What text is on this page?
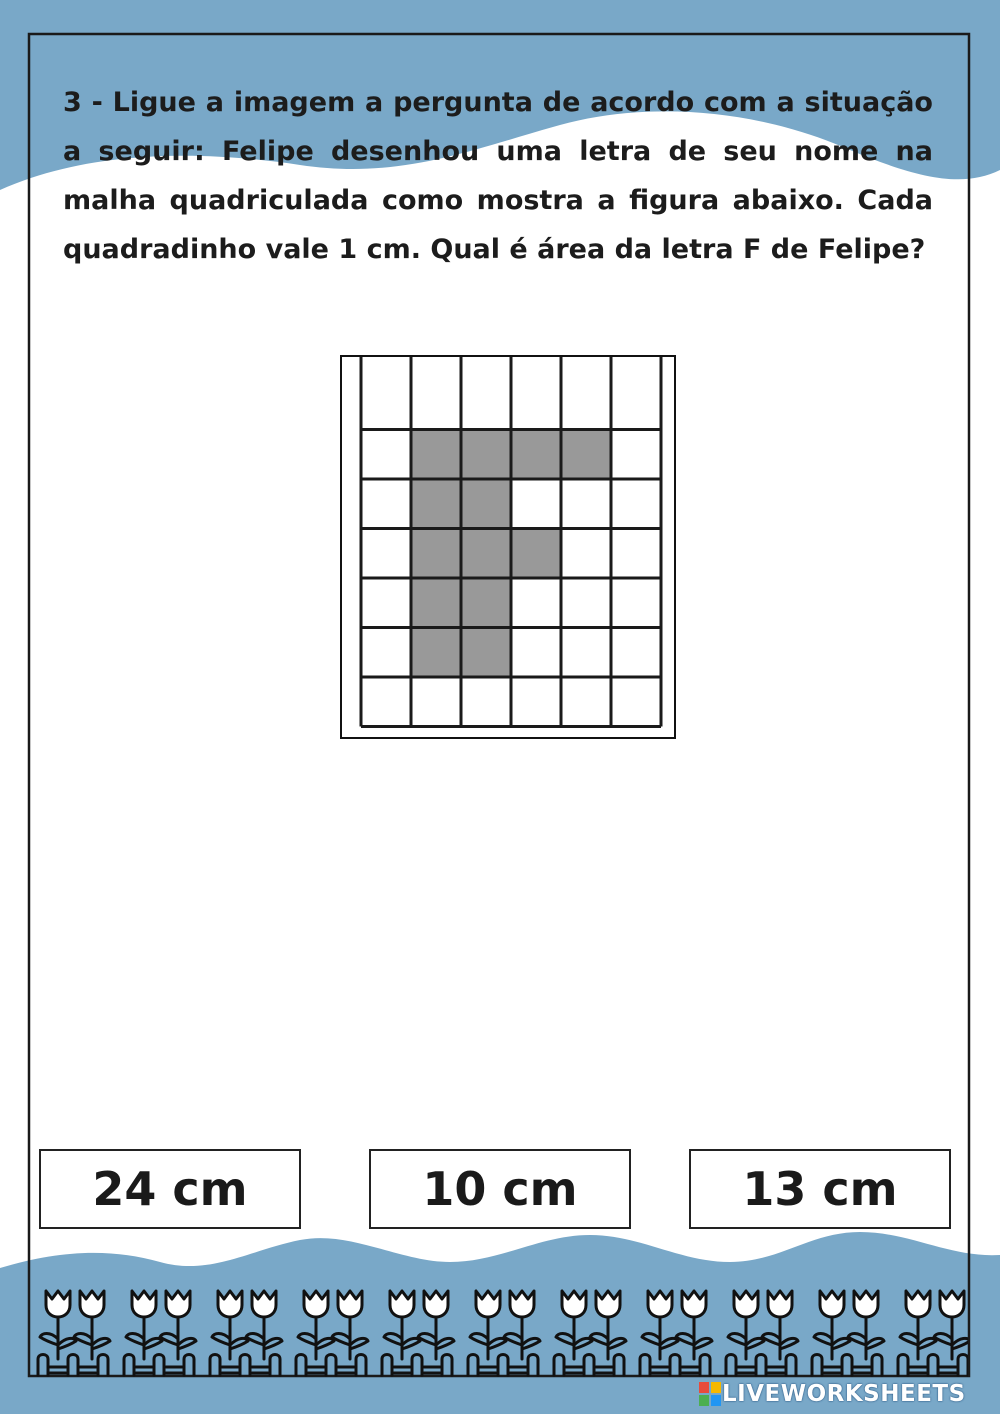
3 - Ligue a imagem a pergunta de acordo com a situação a seguir: Felipe desenhou uma letra de seu nome na malha quadriculada como mostra a figura abaixo. Cada quadradinho vale 1 cm. Qual é área da letra F de Felipe?

24 cm	10 cm	13 cm
LIVEWORKSHEETS
